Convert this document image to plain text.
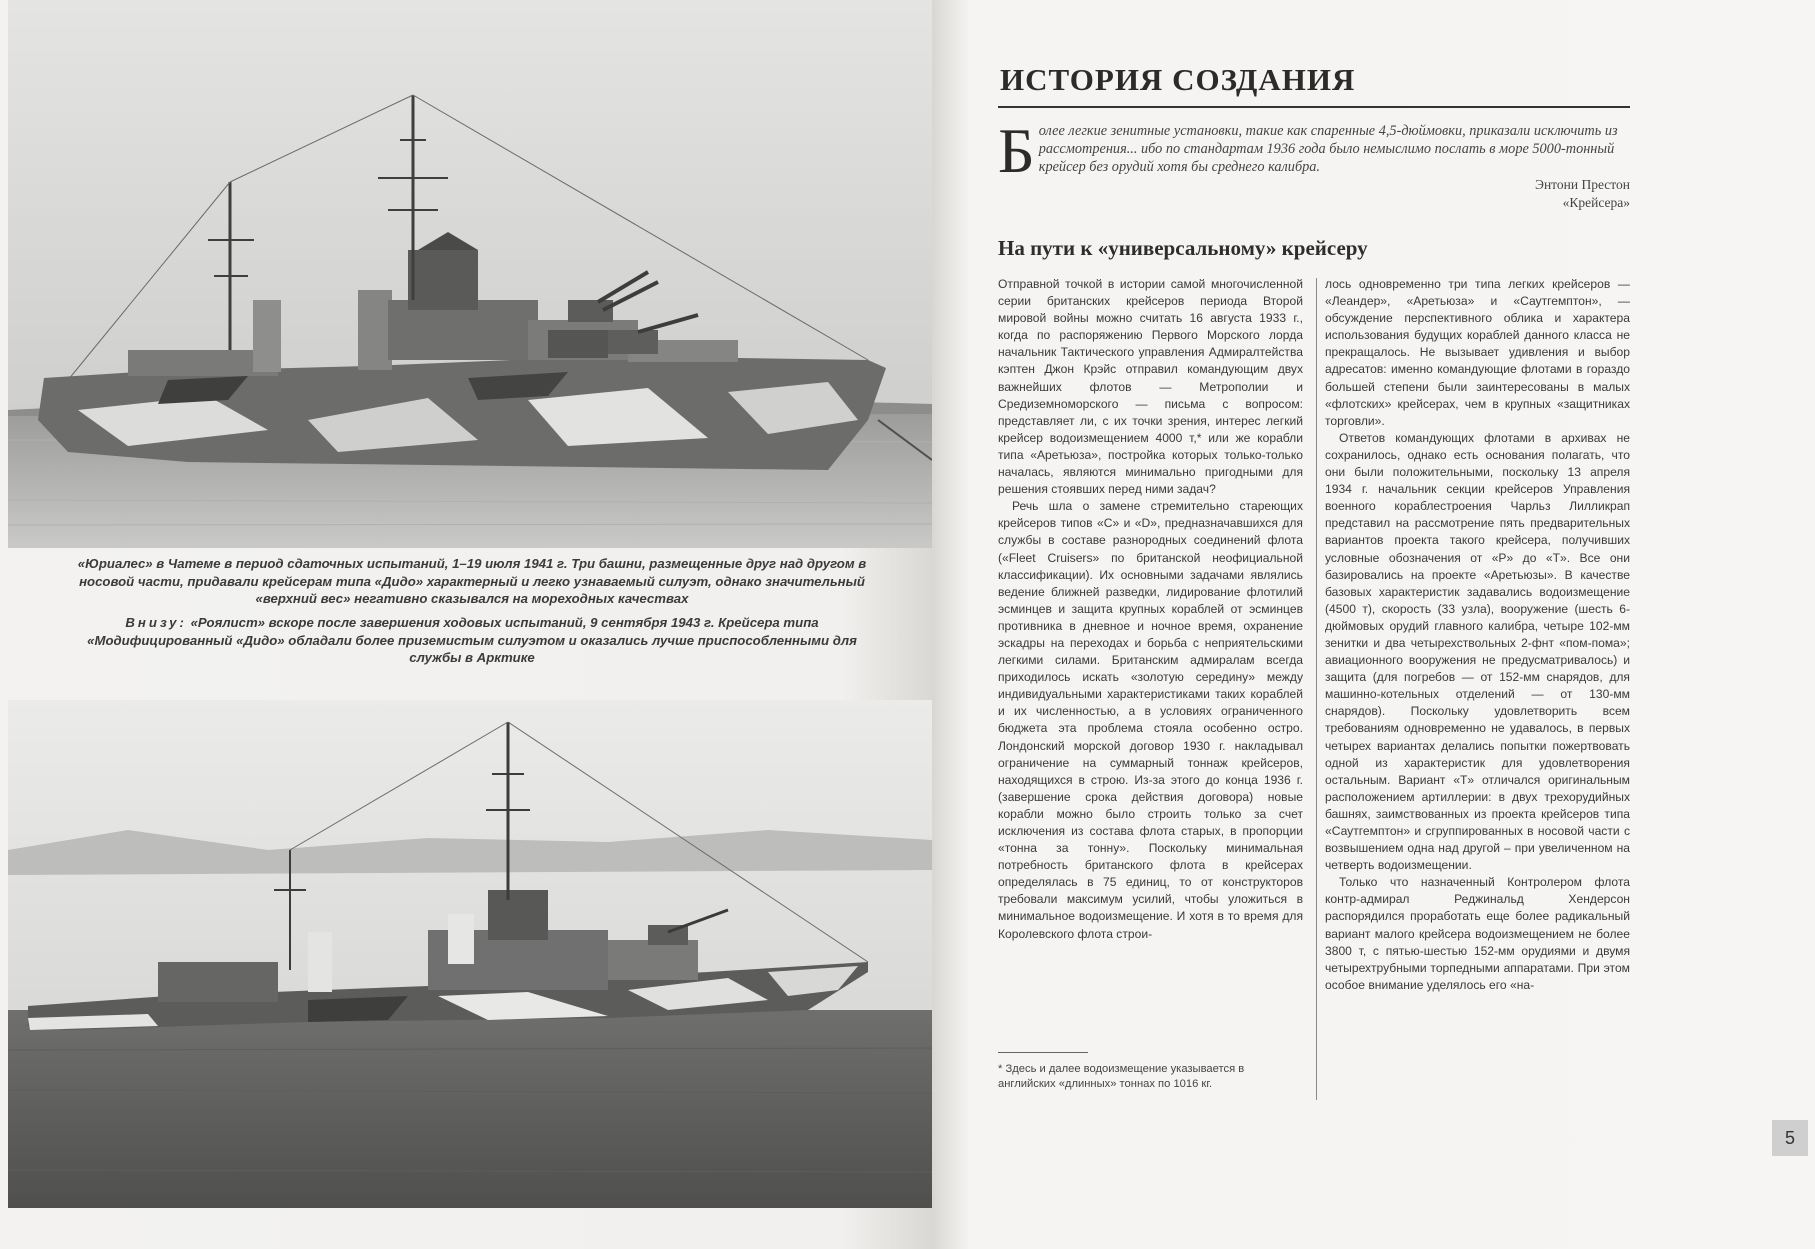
«Юриалес» в Чатеме в период сдаточных испытаний, 1–19 июля 1941 г. Три башни, размещенные друг над другом в носовой части, придавали крейсерам типа «Дидо» характерный и легко узнаваемый силуэт, однако значительный «верхний вес» негативно сказывался на мореходных качествах
Внизу: «Роялист» вскоре после завершения ходовых испытаний, 9 сентября 1943 г. Крейсера типа «Модифицированный «Дидо» обладали более приземистым силуэтом и оказались лучше приспособленными для службы в Арктике
ИСТОРИЯ СОЗДАНИЯ
Более легкие зенитные установки, такие как спаренные 4,5-дюймовки, приказали исключить из рассмотрения... ибо по стандартам 1936 года было немыслимо послать в море 5000-тонный крейсер без орудий хотя бы среднего калибра.
Энтони Престон
«Крейсера»
На пути к «универсальному» крейсеру

Отправной точкой в истории самой многочисленной серии британских крейсеров периода Второй мировой войны можно считать 16 августа 1933 г., когда по распоряжению Первого Морского лорда начальник Тактического управления Адмиралтейства кэптен Джон Крэйс отправил командующим двух важнейших флотов — Метрополии и Средиземноморского — письма с вопросом: представляет ли, с их точки зрения, интерес легкий крейсер водоизмещением 4000 т,* или же корабли типа «Аретьюза», постройка которых только-только началась, являются минимально пригодными для решения стоявших перед ними задач?

Речь шла о замене стремительно стареющих крейсеров типов «C» и «D», предназначавшихся для службы в составе разнородных соединений флота («Fleet Cruisers» по британской неофициальной классификации). Их основными задачами являлись ведение ближней разведки, лидирование флотилий эсминцев и защита крупных кораблей от эсминцев противника в дневное и ночное время, охранение эскадры на переходах и борьба с неприятельскими легкими силами. Британским адмиралам всегда приходилось искать «золотую середину» между индивидуальными характеристиками таких кораблей и их численностью, а в условиях ограниченного бюджета эта проблема стояла особенно остро. Лондонский морской договор 1930 г. накладывал ограничение на суммарный тоннаж крейсеров, находящихся в строю. Из-за этого до конца 1936 г. (завершение срока действия договора) новые корабли можно было строить только за счет исключения из состава флота старых, в пропорции «тонна за тонну». Поскольку минимальная потребность британского флота в крейсерах определялась в 75 единиц, то от конструкторов требовали максимум усилий, чтобы уложиться в минимальное водоизмещение. И хотя в то время для Королевского флота строи-

лось одновременно три типа легких крейсеров — «Леандер», «Аретьюза» и «Саутгемптон», — обсуждение перспективного облика и характера использования будущих кораблей данного класса не прекращалось. Не вызывает удивления и выбор адресатов: именно командующие флотами в гораздо большей степени были заинтересованы в малых «флотских» крейсерах, чем в крупных «защитниках торговли».

Ответов командующих флотами в архивах не сохранилось, однако есть основания полагать, что они были положительными, поскольку 13 апреля 1934 г. начальник секции крейсеров Управления военного кораблестроения Чарльз Лилликрап представил на рассмотрение пять предварительных вариантов проекта такого крейсера, получивших условные обозначения от «P» до «T». Все они базировались на проекте «Аретьюзы». В качестве базовых характеристик задавались водоизмещение (4500 т), скорость (33 узла), вооружение (шесть 6-дюймовых орудий главного калибра, четыре 102-мм зенитки и два четырехствольных 2-фнт «пом-пома»; авиационного вооружения не предусматривалось) и защита (для погребов — от 152-мм снарядов, для машинно-котельных отделений — от 130-мм снарядов). Поскольку удовлетворить всем требованиям одновременно не удавалось, в первых четырех вариантах делались попытки пожертвовать одной из характеристик для удовлетворения остальным. Вариант «T» отличался оригинальным расположением артиллерии: в двух трехорудийных башнях, заимствованных из проекта крейсеров типа «Саутгемптон» и сгруппированных в носовой части с возвышением одна над другой – при увеличенном на четверть водоизмещении.

Только что назначенный Контролером флота контр-адмирал Реджинальд Хендерсон распорядился проработать еще более радикальный вариант малого крейсера водоизмещением не более 3800 т, с пятью-шестью 152-мм орудиями и двумя четырехтрубными торпедными аппаратами. При этом особое внимание уделялось его «на-

* Здесь и далее водоизмещение указывается в английских «длинных» тоннах по 1016 кг.
5
